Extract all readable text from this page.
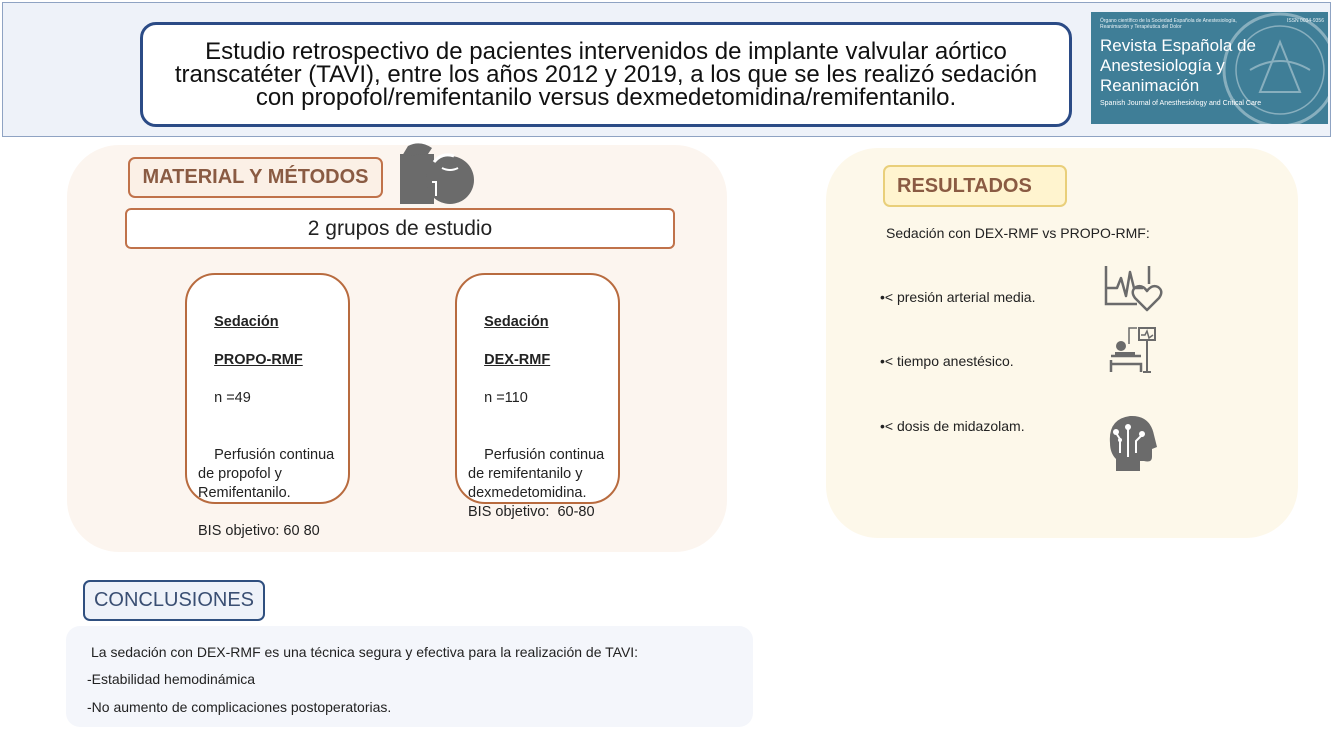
Estudio retrospectivo de pacientes intervenidos de implante valvular aórtico transcatéter (TAVI), entre los años 2012 y 2019, a los que se les realizó sedación con propofol/remifentanilo versus dexmedetomidina/remifentanilo.
Órgano científico de la Sociedad Española de Anestesiología, Reanimación y Terapéutica del Dolor
ISSN 0034-9356
Revista Española de Anestesiología y Reanimación
Spanish Journal of Anesthesiology and Critical Care
MATERIAL Y MÉTODOS
2 grupos de estudio

Sedación

PROPO-RMF

n =49

Perfusión continua
de propofol y
Remifentanilo.

BIS objetivo: 60 80

Sedación

DEX-RMF

n =110

Perfusión continua
de remifentanilo y
dexmedetomidina.
BIS objetivo:  60-80

RESULTADOS
Sedación con DEX-RMF vs PROPO-RMF:
•< presión arterial media.
•< tiempo anestésico.
•< dosis de midazolam.
CONCLUSIONES
La sedación con DEX-RMF es una técnica segura y efectiva para la realización de TAVI:
-Estabilidad hemodinámica
-No aumento de complicaciones postoperatorias.
